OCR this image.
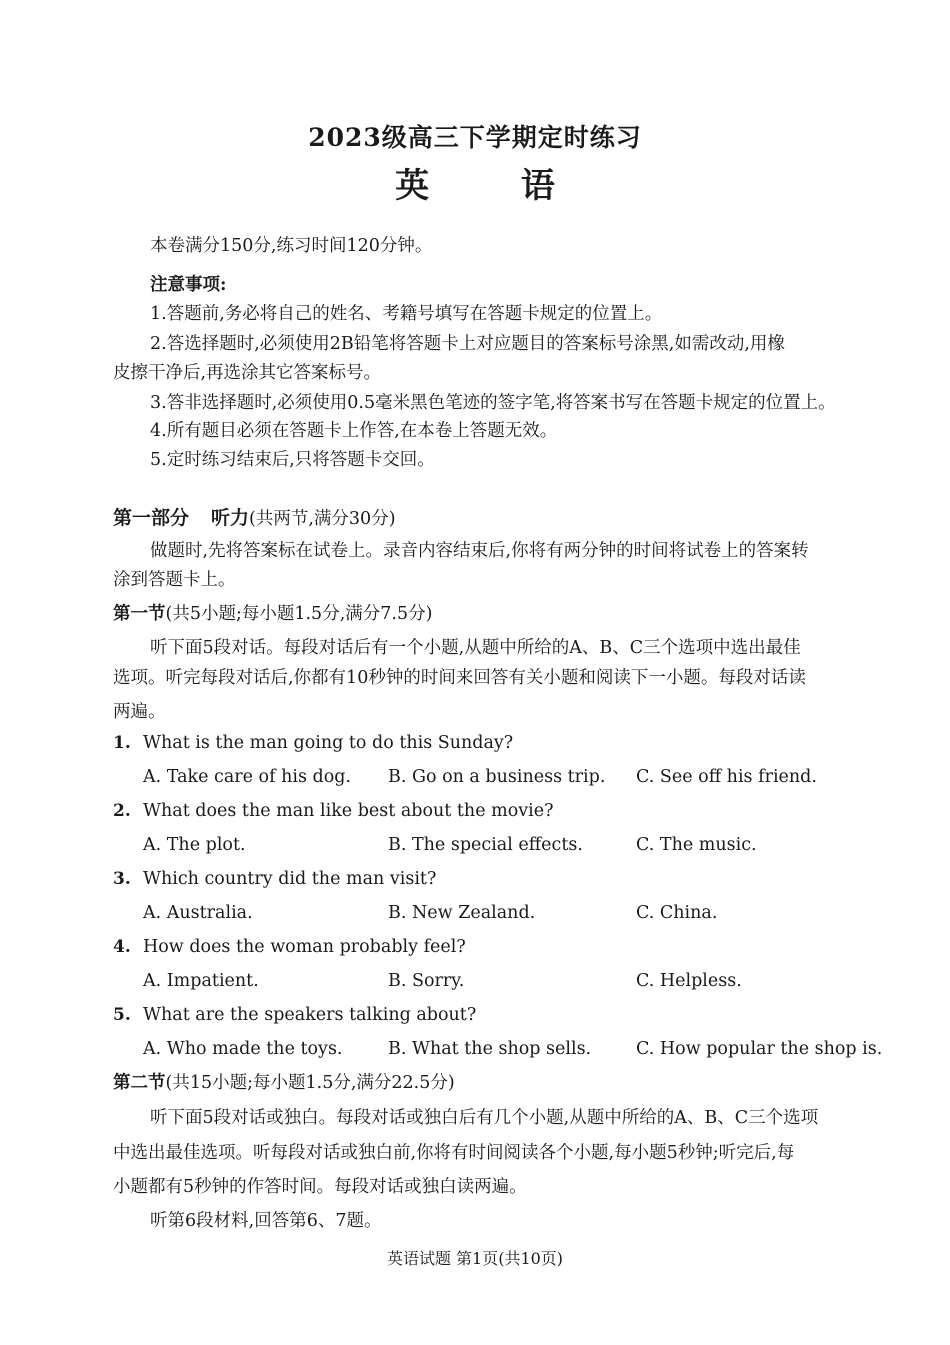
2023级高三下学期定时练习
英 语
本卷满分150分,练习时间120分钟。
注意事项:
1.答题前,务必将自己的姓名、考籍号填写在答题卡规定的位置上。
2.答选择题时,必须使用2B铅笔将答题卡上对应题目的答案标号涂黑,如需改动,用橡
皮擦干净后,再选涂其它答案标号。
3.答非选择题时,必须使用0.5毫米黑色笔迹的签字笔,将答案书写在答题卡规定的位置上。
4.所有题目必须在答题卡上作答,在本卷上答题无效。
5.定时练习结束后,只将答题卡交回。
第一部分 听力(共两节,满分30分)
做题时,先将答案标在试卷上。录音内容结束后,你将有两分钟的时间将试卷上的答案转
涂到答题卡上。
第一节(共5小题;每小题1.5分,满分7.5分)
听下面5段对话。每段对话后有一个小题,从题中所给的A、B、C三个选项中选出最佳
选项。听完每段对话后,你都有10秒钟的时间来回答有关小题和阅读下一小题。每段对话读
两遍。
1. What is the man going to do this Sunday?
A. Take care of his dog. B. Go on a business trip. C. See off his friend.
2. What does the man like best about the movie?
A. The plot.	B. The special effects.	C. The music.
3. Which country did the man visit?
A. Australia.	B. New Zealand.	C. China.
4. How does the woman probably feel?
A. Impatient.	B. Sorry.	C. Helpless.
5. What are the speakers talking about?
A. Who made the toys.	B. What the shop sells.	C. How popular the shop is.
第二节(共15小题;每小题1.5分,满分22.5分)
听下面5段对话或独白。每段对话或独白后有几个小题,从题中所给的A、B、C三个选项
中选出最佳选项。听每段对话或独白前,你将有时间阅读各个小题,每小题5秒钟;听完后,每
小题都有5秒钟的作答时间。每段对话或独白读两遍。
听第6段材料,回答第6、7题。
英语试题 第1页(共10页)
